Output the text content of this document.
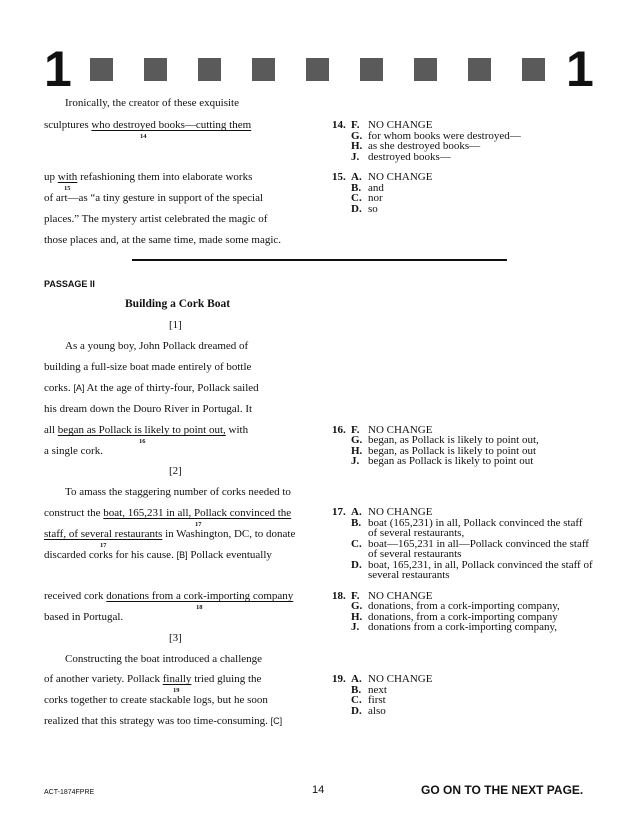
1	1
Ironically, the creator of these exquisite
sculptures who destroyed books—cutting them
14
up with refashioning them into elaborate works
15
of art—as “a tiny gesture in support of the special
places.” The mystery artist celebrated the magic of
those places and, at the same time, made some magic.
PASSAGE II
Building a Cork Boat
[1]
As a young boy, John Pollack dreamed of
building a full-size boat made entirely of bottle
corks. [A] At the age of thirty-four, Pollack sailed
his dream down the Douro River in Portugal. It
all began as Pollack is likely to point out, with
16
a single cork.
[2]
To amass the staggering number of corks needed to
construct the boat, 165,231 in all, Pollack convinced the
17
staff, of several restaurants in Washington, DC, to donate
17
discarded corks for his cause. [B] Pollack eventually
received cork donations from a cork-importing company
18
based in Portugal.
[3]
Constructing the boat introduced a challenge
of another variety. Pollack finally tried gluing the
19
corks together to create stackable logs, but he soon
realized that this strategy was too time-consuming. [C]
14. F. NO CHANGE
G. for whom books were destroyed—
H. as she destroyed books—
J. destroyed books—
15. A. NO CHANGE
B. and
C. nor
D. so
16. F. NO CHANGE
G. began, as Pollack is likely to point out,
H. began, as Pollack is likely to point out
J. began as Pollack is likely to point out
17. A. NO CHANGE
B. boat (165,231) in all, Pollack convinced the staff
of several restaurants,
C. boat—165,231 in all—Pollack convinced the staff
of several restaurants
D. boat, 165,231, in all, Pollack convinced the staff of
several restaurants
18. F. NO CHANGE
G. donations, from a cork-importing company,
H. donations, from a cork-importing company
J. donations from a cork-importing company,
19. A. NO CHANGE
B. next
C. first
D. also
ACT-1874FPRE	14	GO ON TO THE NEXT PAGE.
